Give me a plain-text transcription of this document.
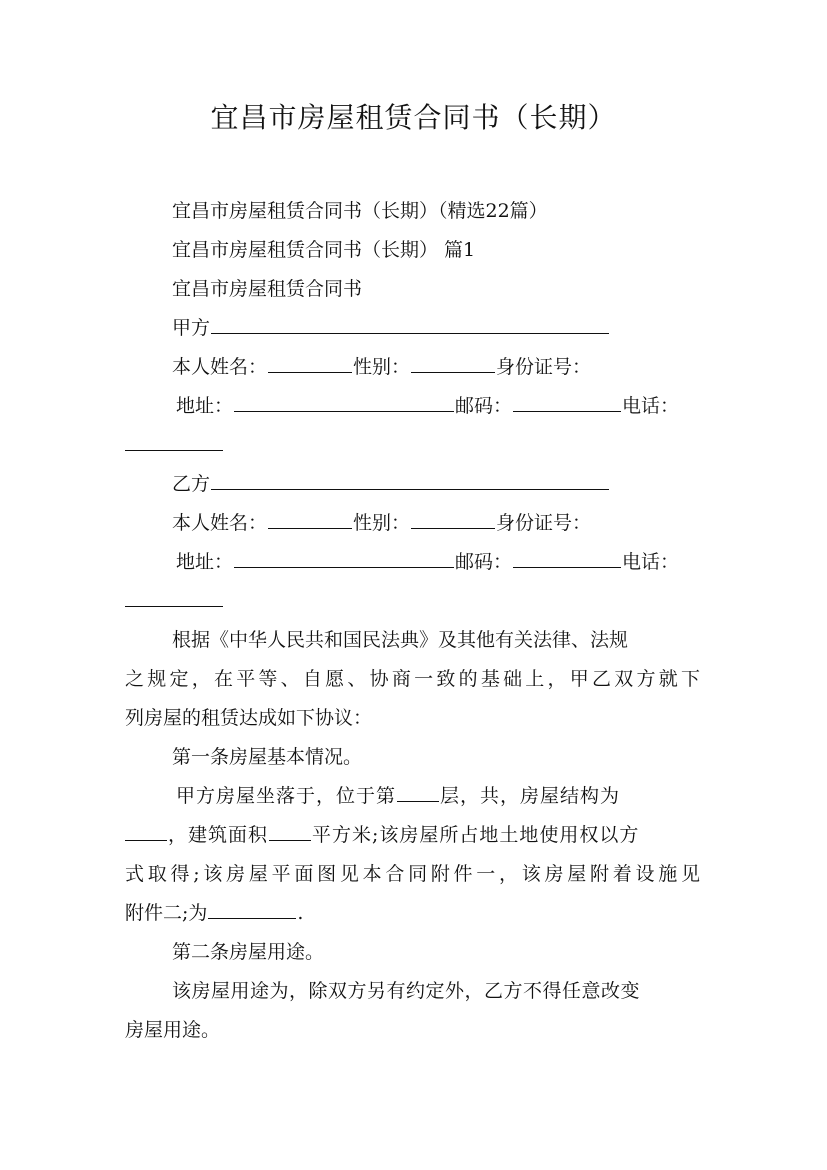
宜昌市房屋租赁合同书（长期）
宜昌市房屋租赁合同书（长期）（精选22篇）
宜昌市房屋租赁合同书（长期） 篇1
宜昌市房屋租赁合同书
甲方
本人姓名：	性别：	身份证号：
地址：	邮码：	电话：
乙方
本人姓名：	性别：	身份证号：
地址：	邮码：	电话：
根据《中华人民共和国民法典》及其他有关法律、法规
之规定，在平等、自愿、协商一致的基础上，甲乙双方就下
列房屋的租赁达成如下协议：
第一条房屋基本情况。
甲方房屋坐落于，位于第 层，共，房屋结构为
，建筑面积 平方米;该房屋所占地土地使用权以方
式取得;该房屋平面图见本合同附件一，该房屋附着设施见
附件二;为	.
第二条房屋用途。
该房屋用途为，除双方另有约定外，乙方不得任意改变
房屋用途。
